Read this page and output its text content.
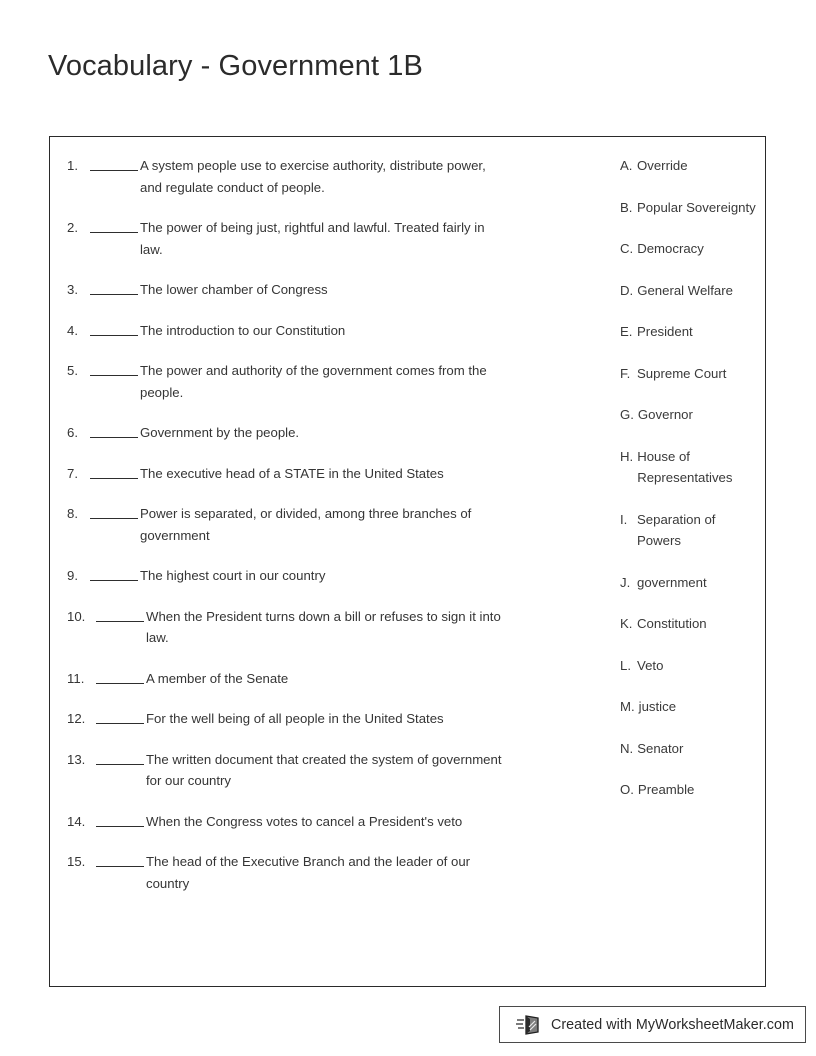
Vocabulary - Government 1B
1.	A system people use to exercise authority, distribute power, and regulate conduct of people.
2.	The power of being just, rightful and lawful. Treated fairly in law.
3.	The lower chamber of Congress
4.	The introduction to our Constitution
5.	The power and authority of the government comes from the people.
6.	Government by the people.
7.	The executive head of a STATE in the United States
8.	Power is separated, or divided, among three branches of government
9.	The highest court in our country
10.	When the President turns down a bill or refuses to sign it into law.
11.	A member of the Senate
12.	For the well being of all people in the United States
13.	The written document that created the system of government for our country
14.	When the Congress votes to cancel a President's veto
15.	The head of the Executive Branch and the leader of our country
A. Override
B. Popular Sovereignty
C. Democracy
D. General Welfare
E. President
F. Supreme Court
G. Governor
H. House of Representatives
I. Separation of Powers
J. government
K. Constitution
L. Veto
M. justice
N. Senator
O. Preamble
Created with MyWorksheetMaker.com
